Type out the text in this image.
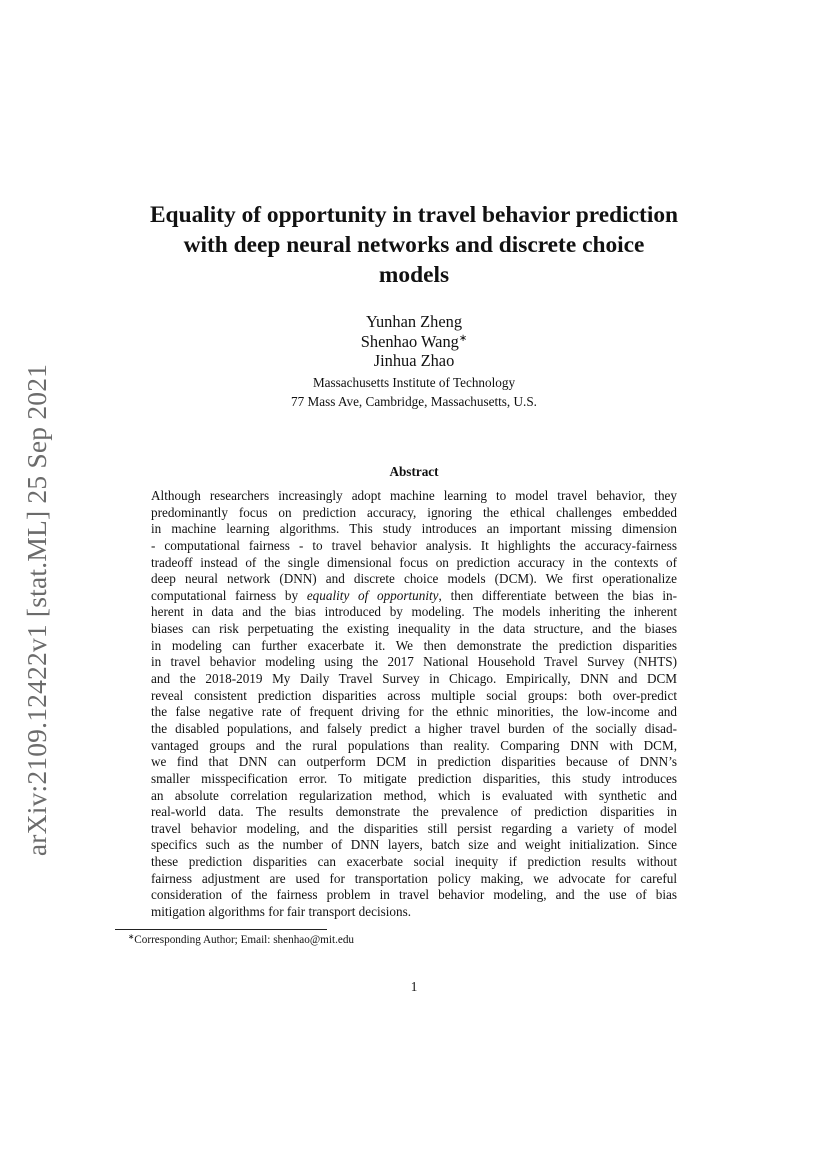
arXiv:2109.12422v1 [stat.ML] 25 Sep 2021
Equality of opportunity in travel behavior prediction
with deep neural networks and discrete choice
models
Yunhan Zheng
Shenhao Wang∗
Jinhua Zhao
Massachusetts Institute of Technology
77 Mass Ave, Cambridge, Massachusetts, U.S.
Abstract
Although researchers increasingly adopt machine learning to model travel behavior, they
predominantly focus on prediction accuracy, ignoring the ethical challenges embedded
in machine learning algorithms. This study introduces an important missing dimension
- computational fairness - to travel behavior analysis. It highlights the accuracy-fairness
tradeoff instead of the single dimensional focus on prediction accuracy in the contexts of
deep neural network (DNN) and discrete choice models (DCM). We first operationalize
computational fairness by equality of opportunity, then differentiate between the bias in-
herent in data and the bias introduced by modeling. The models inheriting the inherent
biases can risk perpetuating the existing inequality in the data structure, and the biases
in modeling can further exacerbate it. We then demonstrate the prediction disparities
in travel behavior modeling using the 2017 National Household Travel Survey (NHTS)
and the 2018-2019 My Daily Travel Survey in Chicago. Empirically, DNN and DCM
reveal consistent prediction disparities across multiple social groups: both over-predict
the false negative rate of frequent driving for the ethnic minorities, the low-income and
the disabled populations, and falsely predict a higher travel burden of the socially disad-
vantaged groups and the rural populations than reality. Comparing DNN with DCM,
we find that DNN can outperform DCM in prediction disparities because of DNN’s
smaller misspecification error. To mitigate prediction disparities, this study introduces
an absolute correlation regularization method, which is evaluated with synthetic and
real-world data. The results demonstrate the prevalence of prediction disparities in
travel behavior modeling, and the disparities still persist regarding a variety of model
specifics such as the number of DNN layers, batch size and weight initialization. Since
these prediction disparities can exacerbate social inequity if prediction results without
fairness adjustment are used for transportation policy making, we advocate for careful
consideration of the fairness problem in travel behavior modeling, and the use of bias
mitigation algorithms for fair transport decisions.
∗Corresponding Author; Email: shenhao@mit.edu
1
